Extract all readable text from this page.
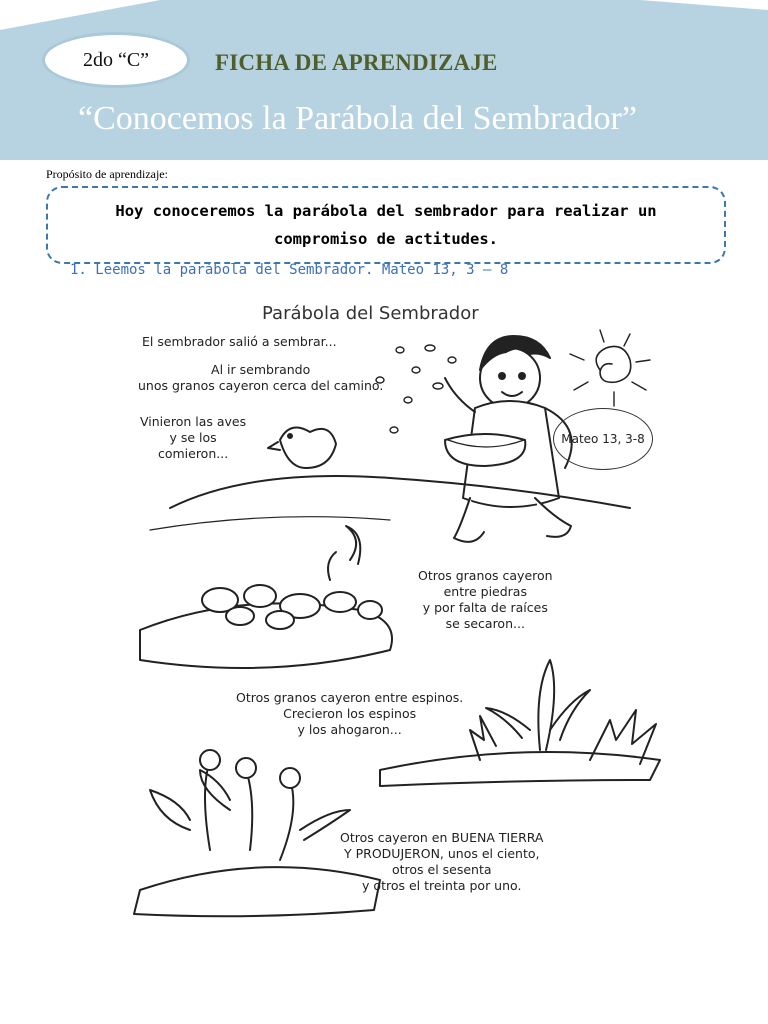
2do “C”	FICHA DE APRENDIZAJE
“Conocemos la Parábola del Sembrador”
Propósito de aprendizaje:
Hoy conoceremos la parábola del sembrador para realizar un compromiso de actitudes.
1. Leemos la parábola del Sembrador. Mateo 13, 3 – 8
Parábola del Sembrador
Mateo 13, 3-8
El sembrador salió a sembrar...
Al ir sembrando
unos granos cayeron cerca del camino.
Vinieron las aves
y se los
comieron...
Otros granos cayeron
entre piedras
y por falta de raíces
se secaron...
Otros granos cayeron entre espinos.
Crecieron los espinos
y los ahogaron...
Otros cayeron en BUENA TIERRA
Y PRODUJERON, unos el ciento,
otros el sesenta
y otros el treinta por uno.
